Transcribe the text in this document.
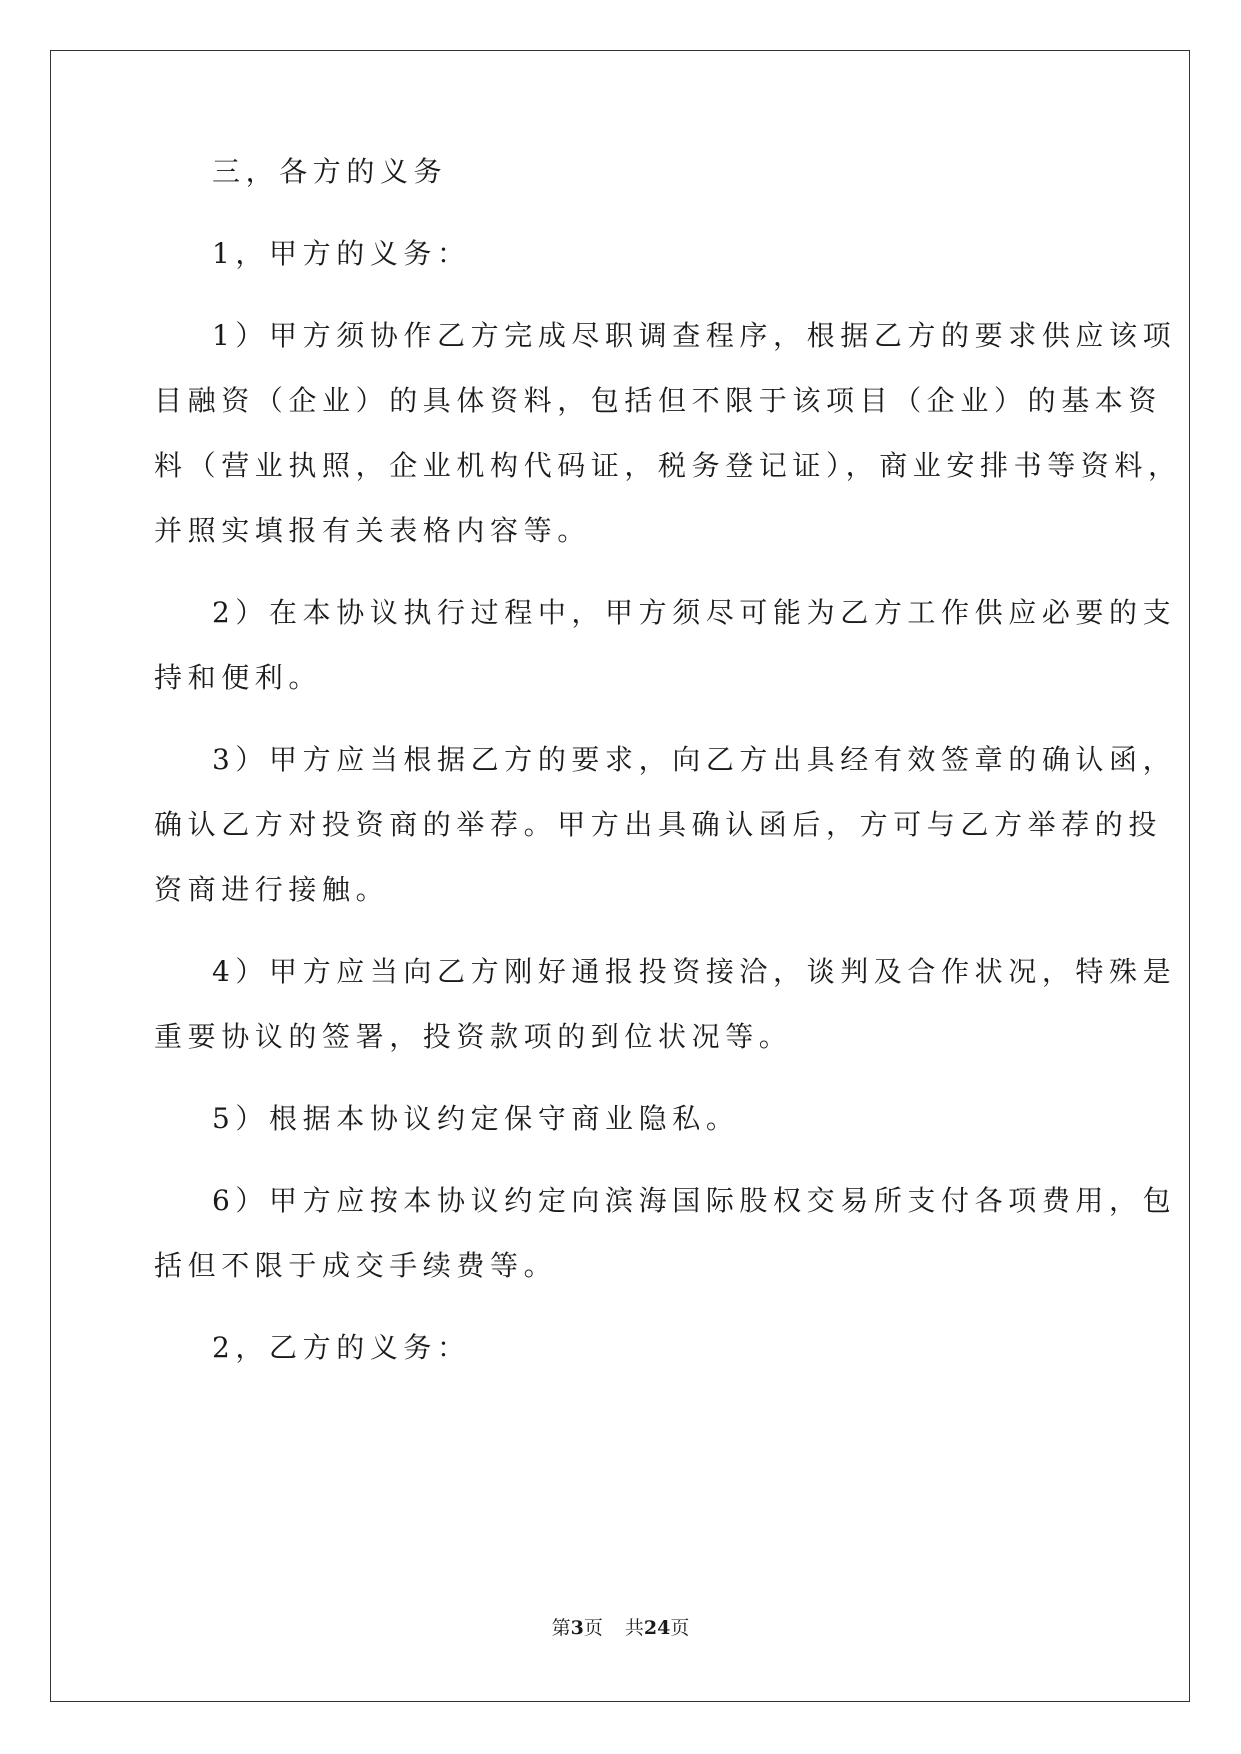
三，各方的义务

1，甲方的义务：

1）甲方须协作乙方完成尽职调查程序，根据乙方的要求供应该项

目融资（企业）的具体资料，包括但不限于该项目（企业）的基本资

料（营业执照，企业机构代码证，税务登记证），商业安排书等资料，

并照实填报有关表格内容等。

2）在本协议执行过程中，甲方须尽可能为乙方工作供应必要的支

持和便利。

3）甲方应当根据乙方的要求，向乙方出具经有效签章的确认函，

确认乙方对投资商的举荐。甲方出具确认函后，方可与乙方举荐的投

资商进行接触。

4）甲方应当向乙方刚好通报投资接洽，谈判及合作状况，特殊是

重要协议的签署，投资款项的到位状况等。

5）根据本协议约定保守商业隐私。

6）甲方应按本协议约定向滨海国际股权交易所支付各项费用，包

括但不限于成交手续费等。

2，乙方的义务：

第3页 共24页
